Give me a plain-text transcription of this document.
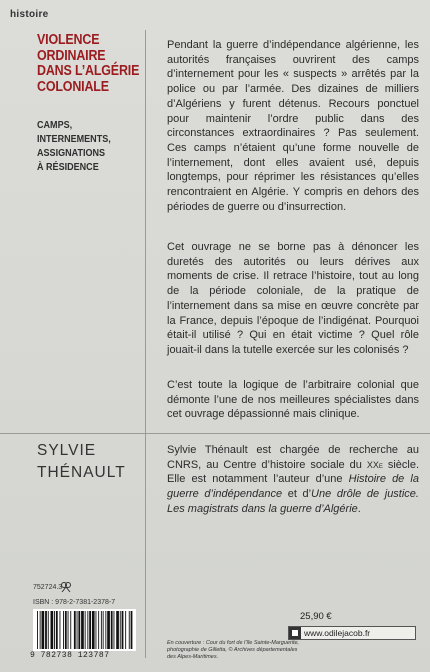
histoire
VIOLENCE
ORDINAIRE
DANS L’ALGÉRIE
COLONIALE
CAMPS, INTERNEMENTS,
ASSIGNATIONS
À RÉSIDENCE

Pendant la guerre d’indépendance algérienne, les autorités françaises ouvrirent des camps d’internement pour les « suspects » arrêtés par la police ou par l’armée. Des dizaines de milliers d’Algériens y furent détenus. Recours ponctuel pour maintenir l’ordre public dans des circonstances extraordinaires ? Pas seulement. Ces camps n’étaient qu’une forme nouvelle de l’internement, dont elles avaient usé, depuis longtemps, pour réprimer les résistances qu’elles rencontraient en Algérie. Y compris en dehors des périodes de guerre ou d’insurrection.

Cet ouvrage ne se borne pas à dénoncer les duretés des autorités ou leurs dérives aux moments de crise. Il retrace l’histoire, tout au long de la période coloniale, de la pratique de l’internement dans sa mise en œuvre concrète par la France, depuis l’époque de l’indigénat. Pourquoi était-il utilisé ? Qui en était victime ? Quel rôle jouait-il dans la tutelle exercée sur les colonisés ?

C’est toute la logique de l’arbitraire colonial que démonte l’une de nos meilleures spécialistes dans cet ouvrage dépassionné mais clinique.

SYLVIE
THÉNAULT

Sylvie Thénault est chargée de recherche au CNRS, au Centre d’histoire sociale du XXe siècle. Elle est notamment l’auteur d’une Histoire de la guerre d’indépendance et d’Une drôle de justice. Les magistrats dans la guerre d’Algérie.

752724.3
ISBN : 978-2-7381-2378-7
9 782738 123787
En couverture : Cour du fort de l’île Sainte-Marguerite, photographie de Gilletta, © Archives départementales des Alpes-Maritimes.
25,90 €
www.odilejacob.fr
